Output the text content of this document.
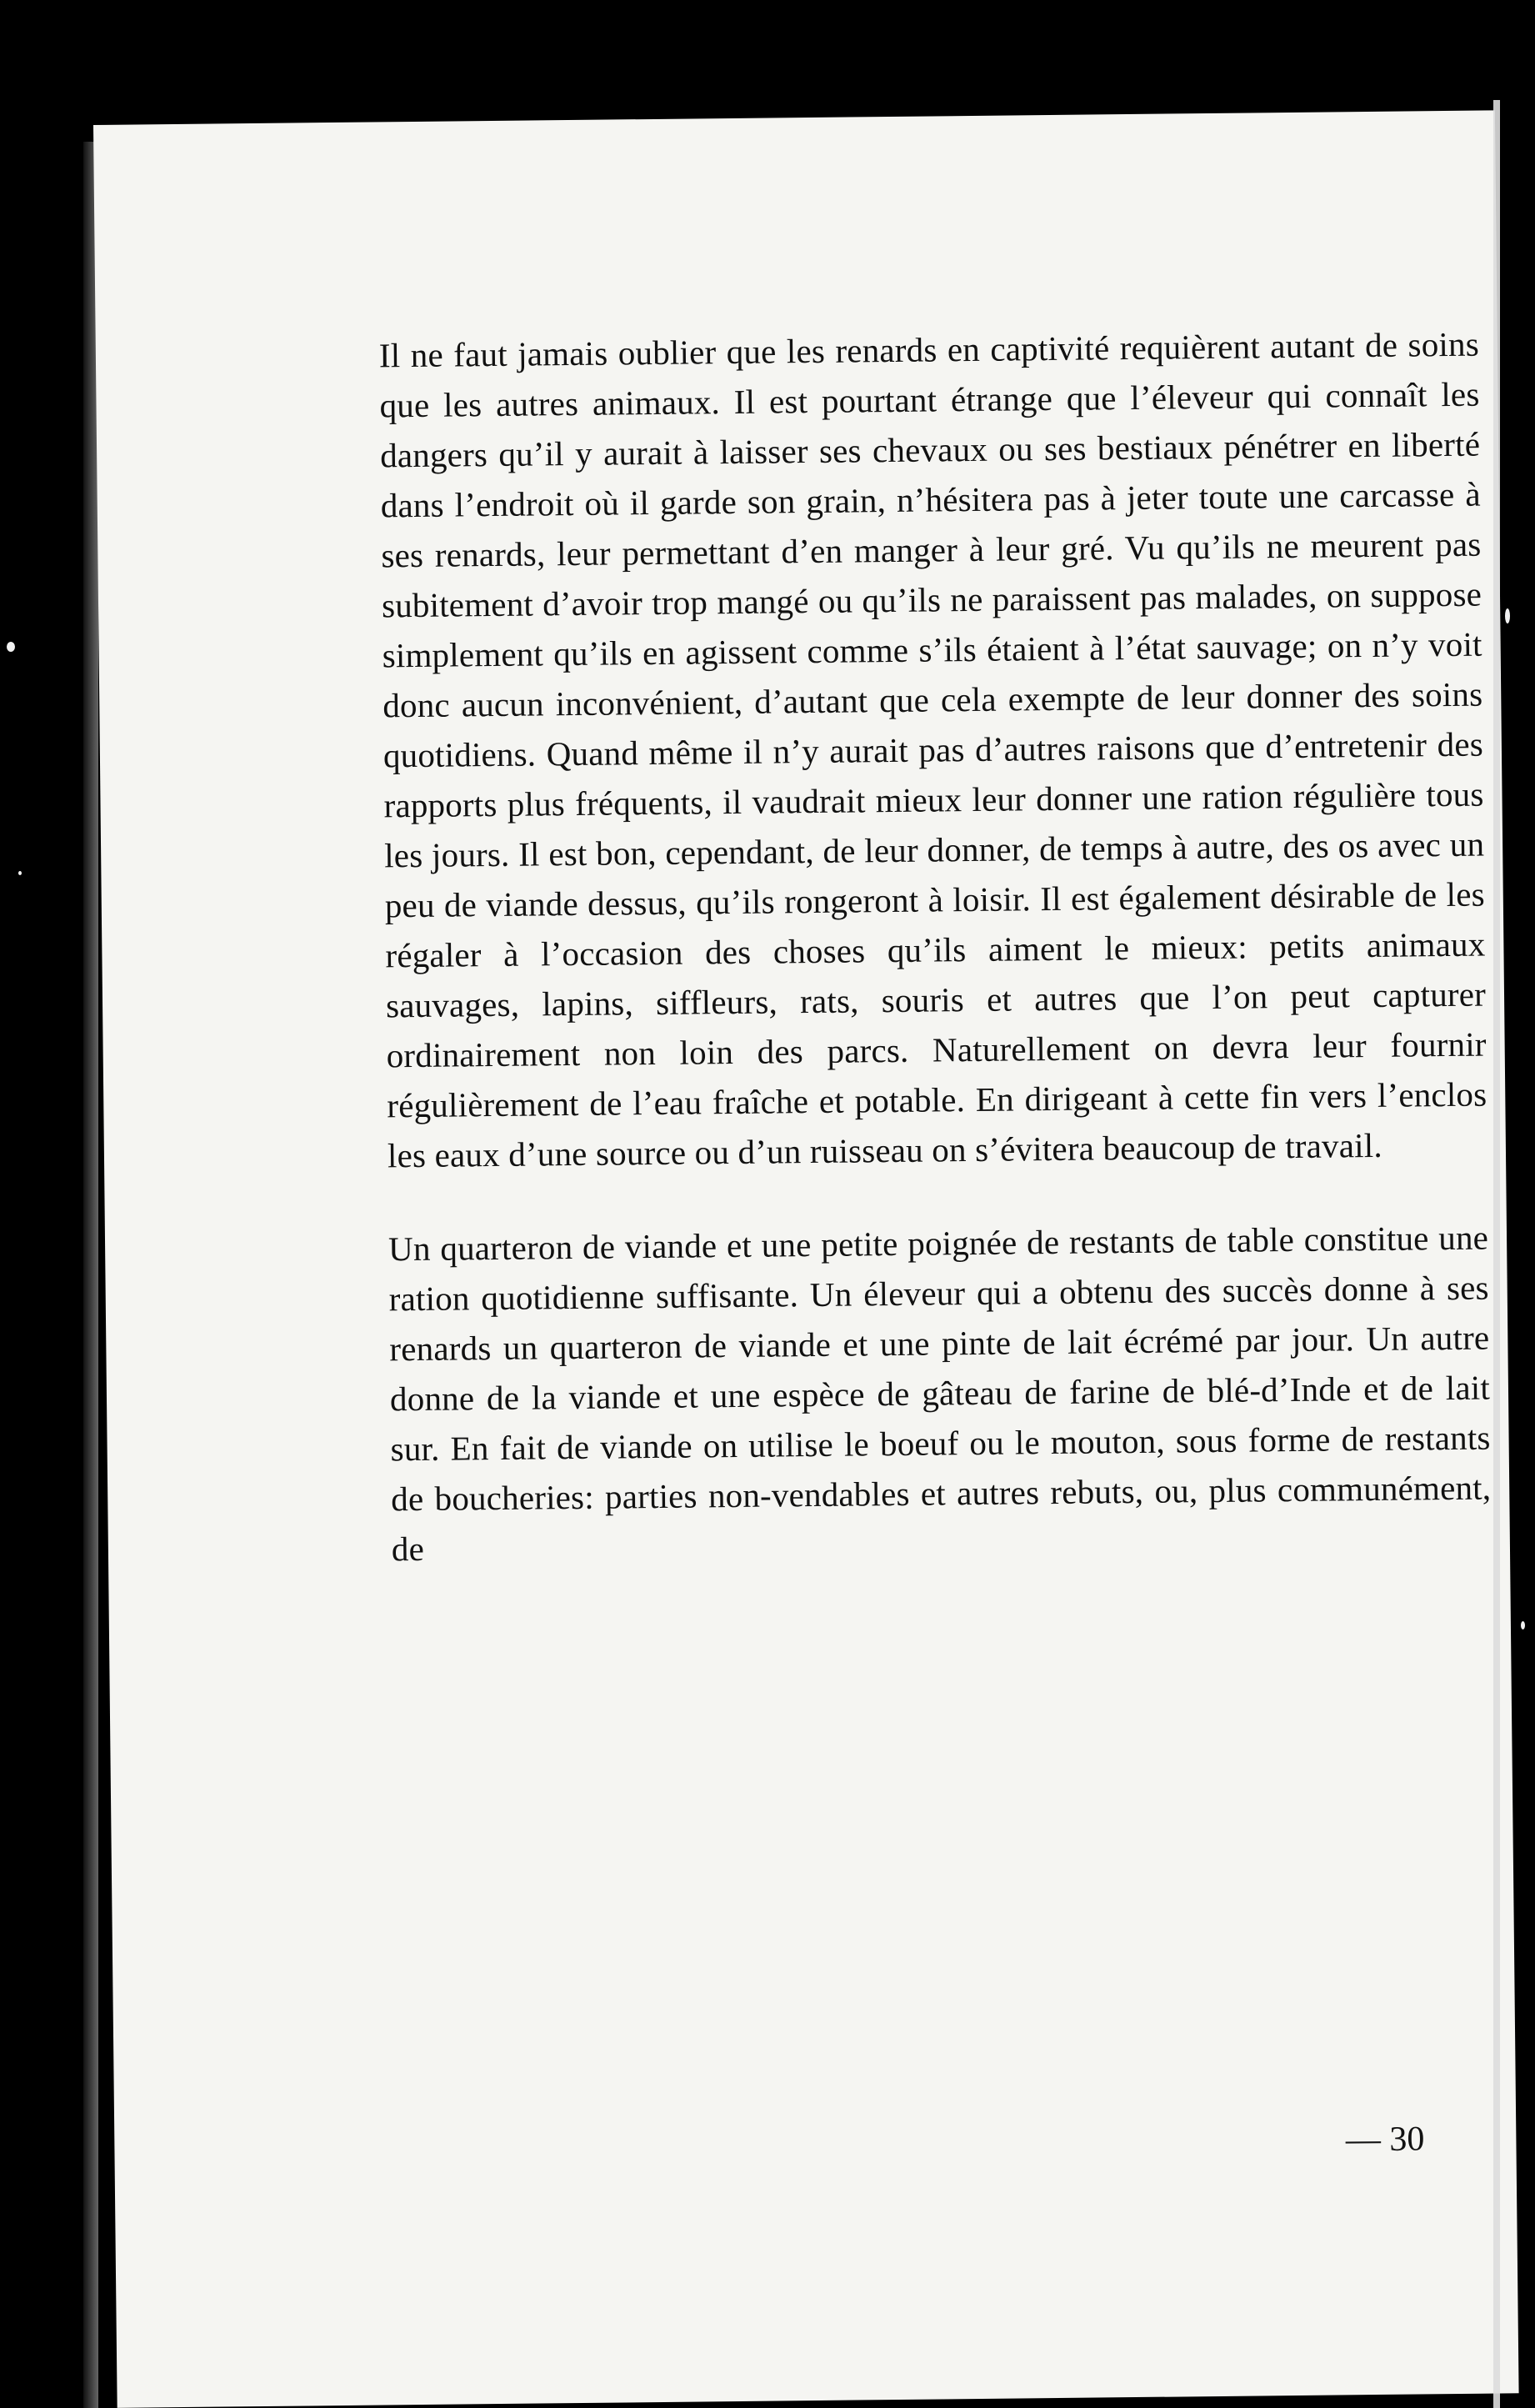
Il ne faut jamais oublier que les renards en captivité requièrent autant de soins que les autres animaux. Il est pourtant étrange que l’éleveur qui connaît les dangers qu’il y aurait à laisser ses chevaux ou ses bestiaux pénétrer en liberté dans l’endroit où il garde son grain, n’hésitera pas à jeter toute une carcasse à ses renards, leur permettant d’en manger à leur gré. Vu qu’ils ne meurent pas subitement d’avoir trop mangé ou qu’ils ne paraissent pas malades, on suppose simplement qu’ils en agissent comme s’ils étaient à l’état sauvage; on n’y voit donc aucun inconvénient, d’autant que cela exempte de leur donner des soins quotidiens. Quand même il n’y aurait pas d’autres raisons que d’entretenir des rapports plus fréquents, il vaudrait mieux leur donner une ration régulière tous les jours. Il est bon, cependant, de leur donner, de temps à autre, des os avec un peu de viande dessus, qu’ils rongeront à loisir. Il est également désirable de les régaler à l’occasion des choses qu’ils aiment le mieux: petits animaux sauvages, lapins, siffleurs, rats, souris et autres que l’on peut capturer ordinairement non loin des parcs. Naturellement on devra leur fournir régulièrement de l’eau fraîche et potable. En dirigeant à cette fin vers l’enclos les eaux d’une source ou d’un ruisseau on s’évitera beaucoup de travail.

Un quarteron de viande et une petite poignée de restants de table constitue une ration quotidienne suffisante. Un éleveur qui a obtenu des succès donne à ses renards un quarteron de viande et une pinte de lait écrémé par jour. Un autre donne de la viande et une espèce de gâteau de farine de blé-d’Inde et de lait sur. En fait de viande on utilise le boeuf ou le mouton, sous forme de restants de boucheries: parties non-vendables et autres rebuts, ou, plus communément, de

— 30
